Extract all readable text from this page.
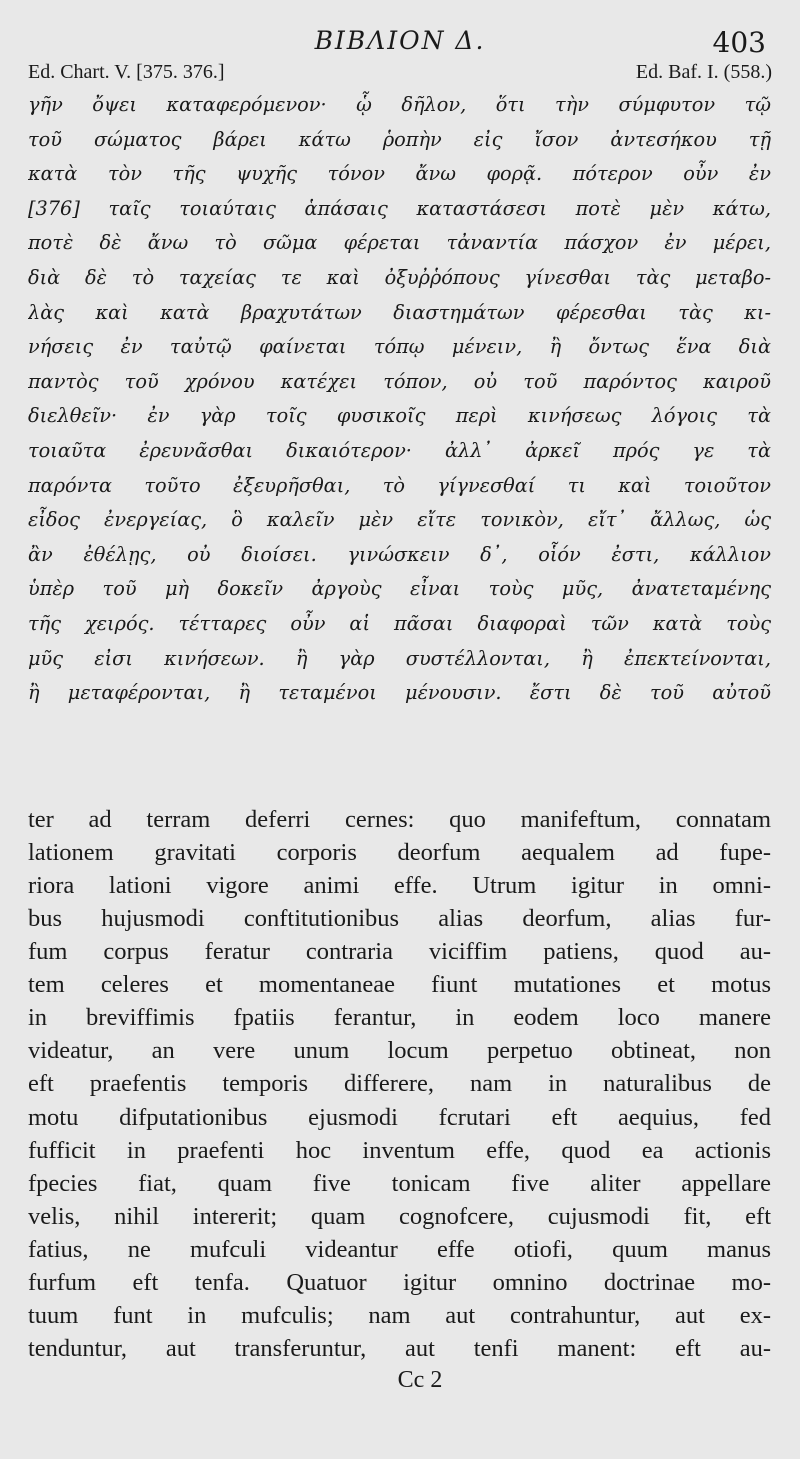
ΒΙΒΛΙΟΝ Δ.	403
Ed. Chart. V. [375. 376.]	Ed. Baf. I. (558.)
γῆν ὄψει καταφερόμενον· ᾧ δῆλον, ὅτι τὴν σύμφυτον τῷ
τοῦ σώματος βάρει κάτω ῥοπὴν εἰς ἴσον ἀντεσήκου τῇ
κατὰ τὸν τῆς ψυχῆς τόνον ἄνω φορᾷ. πότερον οὖν ἐν
[376] ταῖς τοιαύταις ἁπάσαις καταστάσεσι ποτὲ μὲν κάτω,
ποτὲ δὲ ἄνω τὸ σῶμα φέρεται τἀναντία πάσχον ἐν μέρει,
διὰ δὲ τὸ ταχείας τε καὶ ὀξυῤῥόπους γίνεσθαι τὰς μεταβο-
λὰς καὶ κατὰ βραχυτάτων διαστημάτων φέρεσθαι τὰς κι-
νήσεις ἐν ταὐτῷ φαίνεται τόπῳ μένειν, ἢ ὄντως ἕνα διὰ
παντὸς τοῦ χρόνου κατέχει τόπον, οὐ τοῦ παρόντος καιροῦ
διελθεῖν· ἐν γὰρ τοῖς φυσικοῖς περὶ κινήσεως λόγοις τὰ
τοιαῦτα ἐρευνᾶσθαι δικαιότερον· ἀλλ᾽ ἀρκεῖ πρός γε τὰ
παρόντα τοῦτο ἐξευρῆσθαι, τὸ γίγνεσθαί τι καὶ τοιοῦτον
εἶδος ἐνεργείας, ὃ καλεῖν μὲν εἴτε τονικὸν, εἴτ᾽ ἄλλως, ὡς
ἂν ἐθέλῃς, οὐ διοίσει. γινώσκειν δ᾽, οἷόν ἐστι, κάλλιον
ὑπὲρ τοῦ μὴ δοκεῖν ἀργοὺς εἶναι τοὺς μῦς, ἀνατεταμένης
τῆς χειρός. τέτταρες οὖν αἱ πᾶσαι διαφοραὶ τῶν κατὰ τοὺς
μῦς εἰσι κινήσεων. ἢ γὰρ συστέλλονται, ἢ ἐπεκτείνονται,
ἢ μεταφέρονται, ἢ τεταμένοι μένουσιν. ἔστι δὲ τοῦ αὐτοῦ
ter ad terram deferri cernes: quo manifeftum, connatam
lationem gravitati corporis deorfum aequalem ad fupe-
riora lationi vigore animi effe. Utrum igitur in omni-
bus hujusmodi conftitutionibus alias deorfum, alias fur-
fum corpus feratur contraria viciffim patiens, quod au-
tem celeres et momentaneae fiunt mutationes et motus
in breviffimis fpatiis ferantur, in eodem loco manere
videatur, an vere unum locum perpetuo obtineat, non
eft praefentis temporis differere, nam in naturalibus de
motu difputationibus ejusmodi fcrutari eft aequius, fed
fufficit in praefenti hoc inventum effe, quod ea actionis
fpecies fiat, quam five tonicam five aliter appellare
velis, nihil intererit; quam cognofcere, cujusmodi fit, eft
fatius, ne mufculi videantur effe otiofi, quum manus
furfum eft tenfa. Quatuor igitur omnino doctrinae mo-
tuum funt in mufculis; nam aut contrahuntur, aut ex-
tenduntur, aut transferuntur, aut tenfi manent: eft au-
Cc 2
